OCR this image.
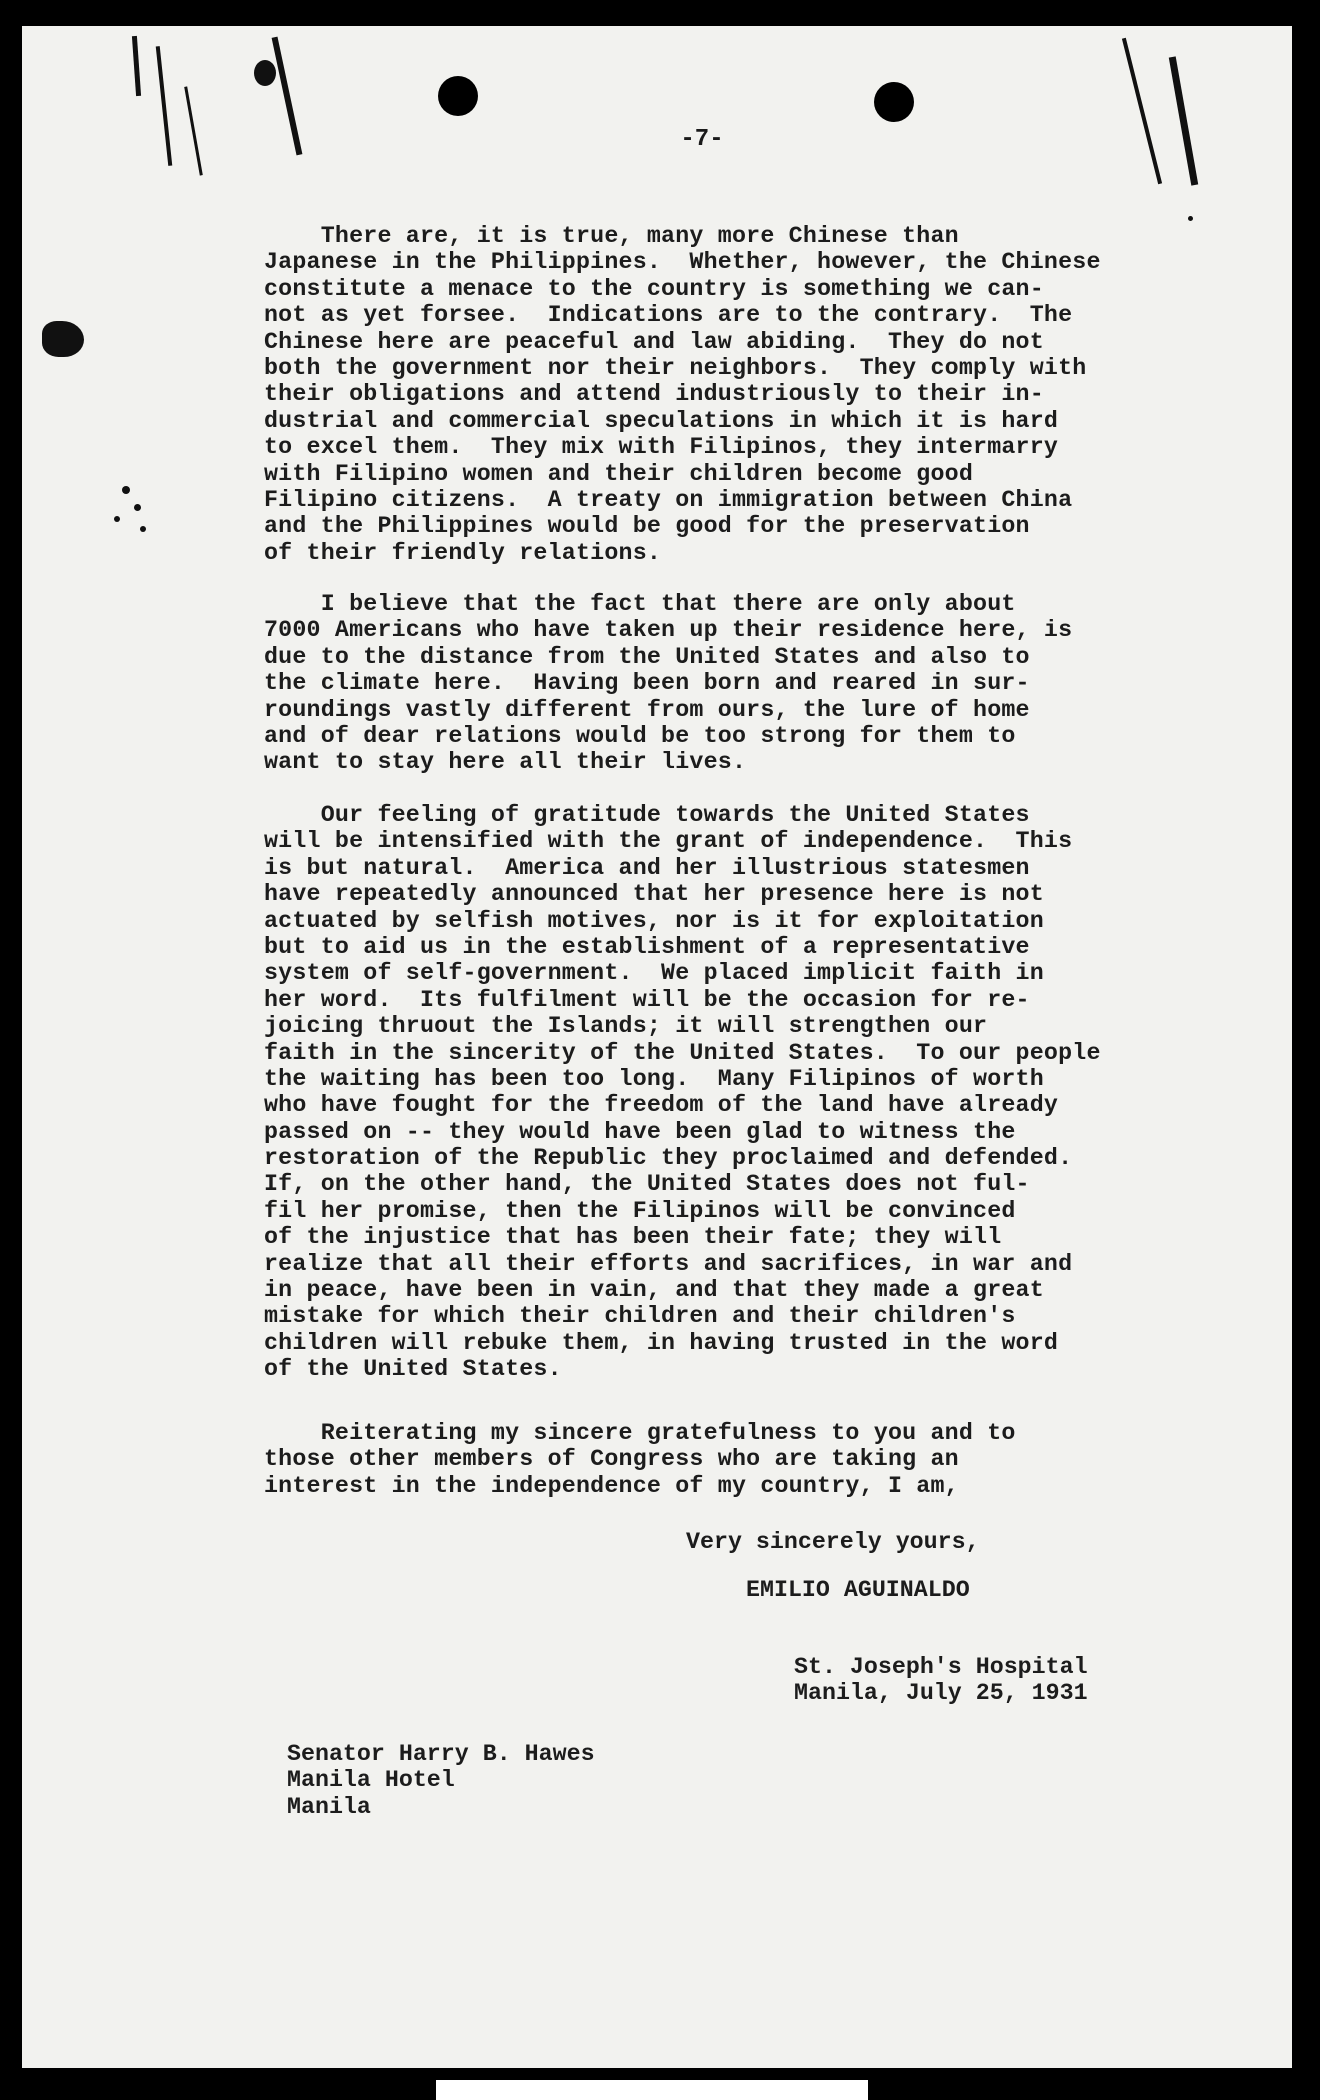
-7-
There are, it is true, many more Chinese than
Japanese in the Philippines.  Whether, however, the Chinese
constitute a menace to the country is something we can-
not as yet forsee.  Indications are to the contrary.  The
Chinese here are peaceful and law abiding.  They do not
both the government nor their neighbors.  They comply with
their obligations and attend industriously to their in-
dustrial and commercial speculations in which it is hard
to excel them.  They mix with Filipinos, they intermarry
with Filipino women and their children become good
Filipino citizens.  A treaty on immigration between China
and the Philippines would be good for the preservation
of their friendly relations.
I believe that the fact that there are only about
7000 Americans who have taken up their residence here, is
due to the distance from the United States and also to
the climate here.  Having been born and reared in sur-
roundings vastly different from ours, the lure of home
and of dear relations would be too strong for them to
want to stay here all their lives.
Our feeling of gratitude towards the United States
will be intensified with the grant of independence.  This
is but natural.  America and her illustrious statesmen
have repeatedly announced that her presence here is not
actuated by selfish motives, nor is it for exploitation
but to aid us in the establishment of a representative
system of self-government.  We placed implicit faith in
her word.  Its fulfilment will be the occasion for re-
joicing thruout the Islands; it will strengthen our
faith in the sincerity of the United States.  To our people
the waiting has been too long.  Many Filipinos of worth
who have fought for the freedom of the land have already
passed on -- they would have been glad to witness the
restoration of the Republic they proclaimed and defended.
If, on the other hand, the United States does not ful-
fil her promise, then the Filipinos will be convinced
of the injustice that has been their fate; they will
realize that all their efforts and sacrifices, in war and
in peace, have been in vain, and that they made a great
mistake for which their children and their children's
children will rebuke them, in having trusted in the word
of the United States.
Reiterating my sincere gratefulness to you and to
those other members of Congress who are taking an
interest in the independence of my country, I am,
Very sincerely yours,
EMILIO AGUINALDO
St. Joseph's Hospital
Manila, July 25, 1931
Senator Harry B. Hawes
Manila Hotel
Manila
